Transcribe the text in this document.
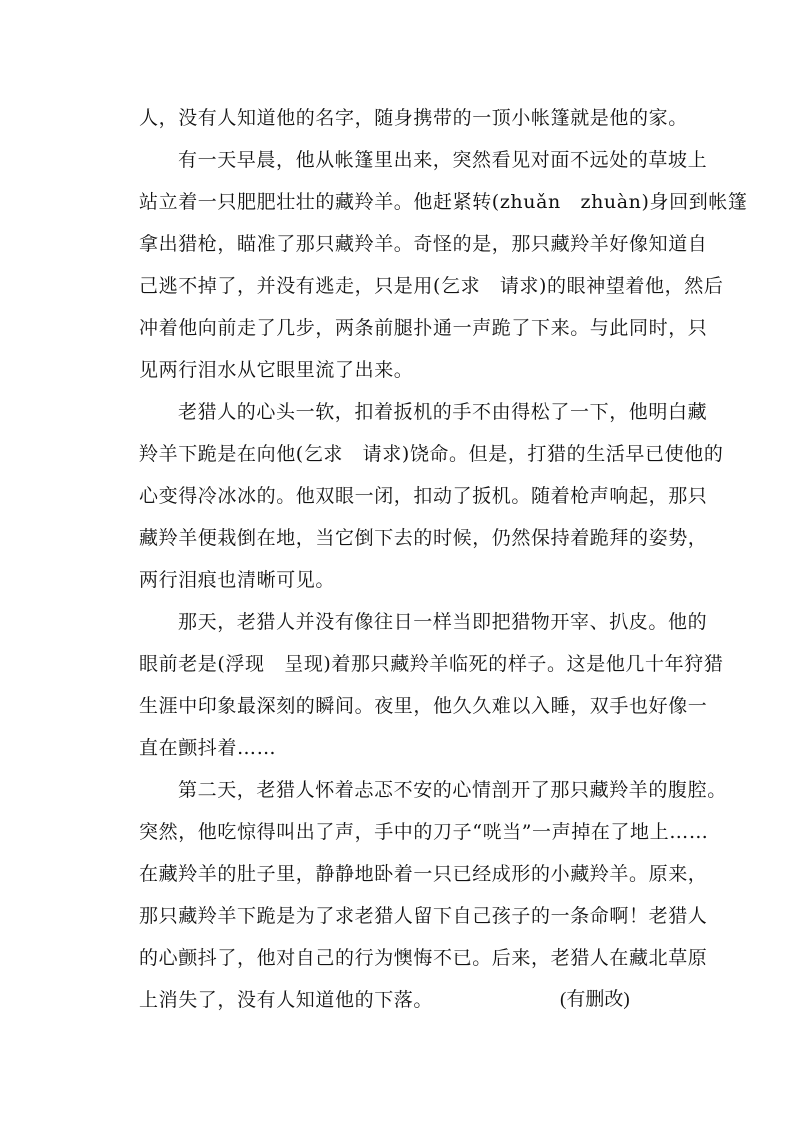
人，没有人知道他的名字，随身携带的一顶小帐篷就是他的家。
有一天早晨，他从帐篷里出来，突然看见对面不远处的草坡上
站立着一只肥肥壮壮的藏羚羊。他赶紧转(zhuǎn　zhuàn)身回到帐篷
拿出猎枪，瞄准了那只藏羚羊。奇怪的是，那只藏羚羊好像知道自
己逃不掉了，并没有逃走，只是用(乞求　请求)的眼神望着他，然后
冲着他向前走了几步，两条前腿扑通一声跪了下来。与此同时，只
见两行泪水从它眼里流了出来。
老猎人的心头一软，扣着扳机的手不由得松了一下，他明白藏
羚羊下跪是在向他(乞求　请求)饶命。但是，打猎的生活早已使他的
心变得冷冰冰的。他双眼一闭，扣动了扳机。随着枪声响起，那只
藏羚羊便栽倒在地，当它倒下去的时候，仍然保持着跪拜的姿势，
两行泪痕也清晰可见。
那天，老猎人并没有像往日一样当即把猎物开宰、扒皮。他的
眼前老是(浮现　呈现)着那只藏羚羊临死的样子。这是他几十年狩猎
生涯中印象最深刻的瞬间。夜里，他久久难以入睡，双手也好像一
直在颤抖着……
第二天，老猎人怀着忐忑不安的心情剖开了那只藏羚羊的腹腔。
突然，他吃惊得叫出了声，手中的刀子“咣当”一声掉在了地上……
在藏羚羊的肚子里，静静地卧着一只已经成形的小藏羚羊。原来，
那只藏羚羊下跪是为了求老猎人留下自己孩子的一条命啊！老猎人
的心颤抖了，他对自己的行为懊悔不已。后来，老猎人在藏北草原
上消失了，没有人知道他的下落。	(有删改)
